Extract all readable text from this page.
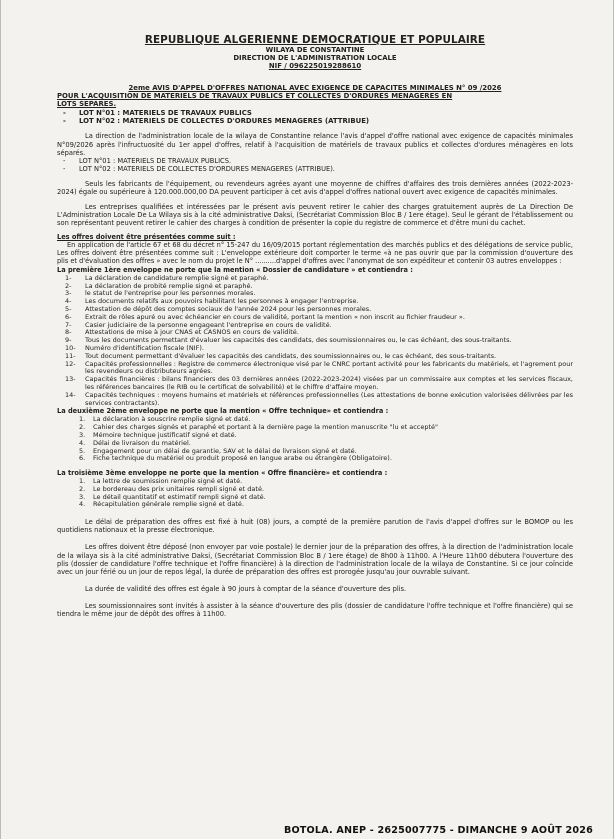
REPUBLIQUE ALGERIENNE DEMOCRATIQUE ET POPULAIRE
WILAYA DE CONSTANTINE
DIRECTION DE L'ADMINISTRATION LOCALE
NIF / 096225019288610
2eme AVIS D'APPEL D'OFFRES NATIONAL AVEC EXIGENCE DE CAPACITES MINIMALES N° 09 /2026
POUR L'ACQUISITION DE MATERIELS DE TRAVAUX PUBLICS ET COLLECTES D'ORDURES MENAGERES EN
LOTS SEPARES.
- LOT N°01 : MATERIELS DE TRAVAUX PUBLICS
- LOT N°02 : MATERIELS DE COLLECTES D'ORDURES MENAGERES (ATTRIBUE)
La direction de l'administration locale de la wilaya de Constantine relance l'avis d'appel d'offre national avec exigence de capacités minimales N°09/2026 après l'infructuosité du 1er appel d'offres, relatif à l'acquisition de matériels de travaux publics et collectes d'ordures ménagères en lots séparés.
- LOT N°01 : MATERIELS DE TRAVAUX PUBLICS.
- LOT N°02 : MATERIELS DE COLLECTES D'ORDURES MENAGERES (ATTRIBUE).
Seuls les fabricants de l'équipement, ou revendeurs agrées ayant une moyenne de chiffres d'affaires des trois dernières années (2022-2023-2024) égale ou supérieure à 120.000.000,00 DA peuvent participer à cet avis d'appel d'offres national ouvert avec exigence de capacités minimales.
Les entreprises qualifiées et intéressées par le présent avis peuvent retirer le cahier des charges gratuitement auprès de La Direction De L'Administration Locale De La Wilaya sis à la cité administrative Daksi, (Secrétariat Commission Bloc B / 1ere étage). Seul le gérant de l'établissement ou son représentant peuvent retirer le cahier des charges à condition de présenter la copie du registre de commerce et d'être muni du cachet.
Les offres doivent être présentées comme suit :
En application de l'article 67 et 68 du décret n° 15-247 du 16/09/2015 portant réglementation des marchés publics et des délégations de service public, Les offres doivent être présentées comme suit : L'enveloppe extérieure doit comporter le terme «à ne pas ouvrir que par la commission d'ouverture des plis et d'évaluation des offres » avec le nom du projet le N° ..........d'appel d'offres avec l'anonymat de son expéditeur et contenir 03 autres enveloppes :
La première 1ère enveloppe ne porte que la mention « Dossier de candidature » et contiendra :
1-	La déclaration de candidature remplie signé et paraphé.
2-	La déclaration de probité remplie signé et paraphé.
3-	le statut de l'entreprise pour les personnes morales.
4-	Les documents relatifs aux pouvoirs habilitant les personnes à engager l'entreprise.
5-	Attestation de dépôt des comptes sociaux de l'année 2024 pour les personnes morales.
6-	Extrait de rôles apuré ou avec échéancier en cours de validité, portant la mention « non inscrit au fichier fraudeur ».
7-	Casier judiciaire de la personne engageant l'entreprise en cours de validité.
8-	Attestations de mise à jour CNAS et CASNOS en cours de validité.
9-	Tous les documents permettant d'évaluer les capacités des candidats, des soumissionnaires ou, le cas échéant, des sous-traitants.
10-	Numéro d'identification fiscale (NIF).
11-	Tout document permettant d'évaluer les capacités des candidats, des soumissionnaires ou, le cas échéant, des sous-traitants.
12-	Capacités professionnelles : Registre de commerce électronique visé par le CNRC portant activité pour les fabricants du matériels, et l'agrement pour les revendeurs ou distributeurs agrées.
13-	Capacités financières : bilans financiers des 03 dernières années (2022-2023-2024) visées par un commissaire aux comptes et les services fiscaux, les références bancaires (le RIB ou le certificat de solvabilité) et le chiffre d'affaire moyen.
14-	Capacités techniques : moyens humains et matériels et références professionnelles (Les attestations de bonne exécution valorisées délivrées par les services contractants).
La deuxième 2ème enveloppe ne porte que la mention « Offre technique» et contiendra :
1.	La déclaration à souscrire remplie signé et daté.
2.	Cahier des charges signés et paraphé et portant à la dernière page la mention manuscrite "lu et accepté"
3.	Mémoire technique justificatif signé et daté.
4.	Délai de livraison du matériel.
5.	Engagement pour un délai de garantie, SAV et le délai de livraison signé et daté.
6.	Fiche technique du matériel ou produit proposé en langue arabe ou étrangère (Obligatoire).
La troisième 3ème enveloppe ne porte que la mention « Offre financière» et contiendra :
1.	La lettre de soumission remplie signé et daté.
2.	Le bordereau des prix unitaires rempli signé et daté.
3.	Le détail quantitatif et estimatif rempli signé et daté.
4.	Récapitulation générale remplie signé et daté.
Le délai de préparation des offres est fixé à huit (08) jours, a compté de la première parution de l'avis d'appel d'offres sur le BOMOP ou les quotidiens nationaux et la presse électronique.
Les offres doivent être déposé (non envoyer par voie postale) le dernier jour de la préparation des offres, à la direction de l'administration locale de la wilaya sis à la cité administrative Daksi, (Secrétariat Commission Bloc B / 1ere étage) de 8h00 à 11h00. A l'Heure 11h00 débutera l'ouverture des plis (dossier de candidature l'offre technique et l'offre financière) à la direction de l'administration locale de la wilaya de Constantine. Si ce jour coïncide avec un jour férié ou un jour de repos légal, la durée de préparation des offres est prorogée jusqu'au jour ouvrable suivant.
La durée de validité des offres est égale à 90 jours à comptar de la séance d'ouverture des plis.
Les soumissionnaires sont invités à assister à la séance d'ouverture des plis (dossier de candidature l'offre technique et l'offre financière) qui se tiendra le même jour de dépôt des offres à 11h00.
BOTOLA. ANEP - 2625007775 - DIMANCHE 9 AOÛT 2026
